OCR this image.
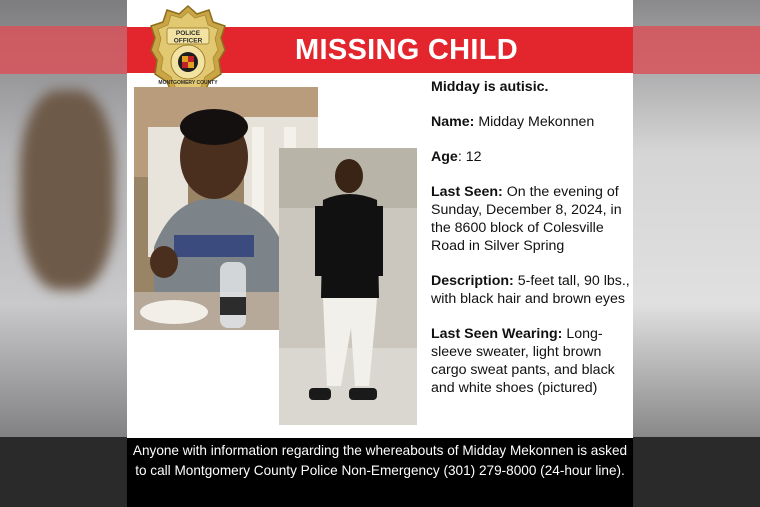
MISSING CHILD
POLICE
OFFICER
MONTGOMERY COUNTY	Midday is autisic.

Name: Midday Mekonnen

Age: 12

Last Seen: On the evening of Sunday, December 8, 2024, in the 8600 block of Colesville Road in Silver Spring

Description: 5-feet tall, 90 lbs., with black hair and brown eyes

Last Seen Wearing: Long-sleeve sweater, light brown cargo sweat pants, and black and white shoes (pictured)

Anyone with information regarding the whereabouts of Midday Mekonnen is asked to call Montgomery County Police Non-Emergency (301) 279-8000 (24-hour line).
